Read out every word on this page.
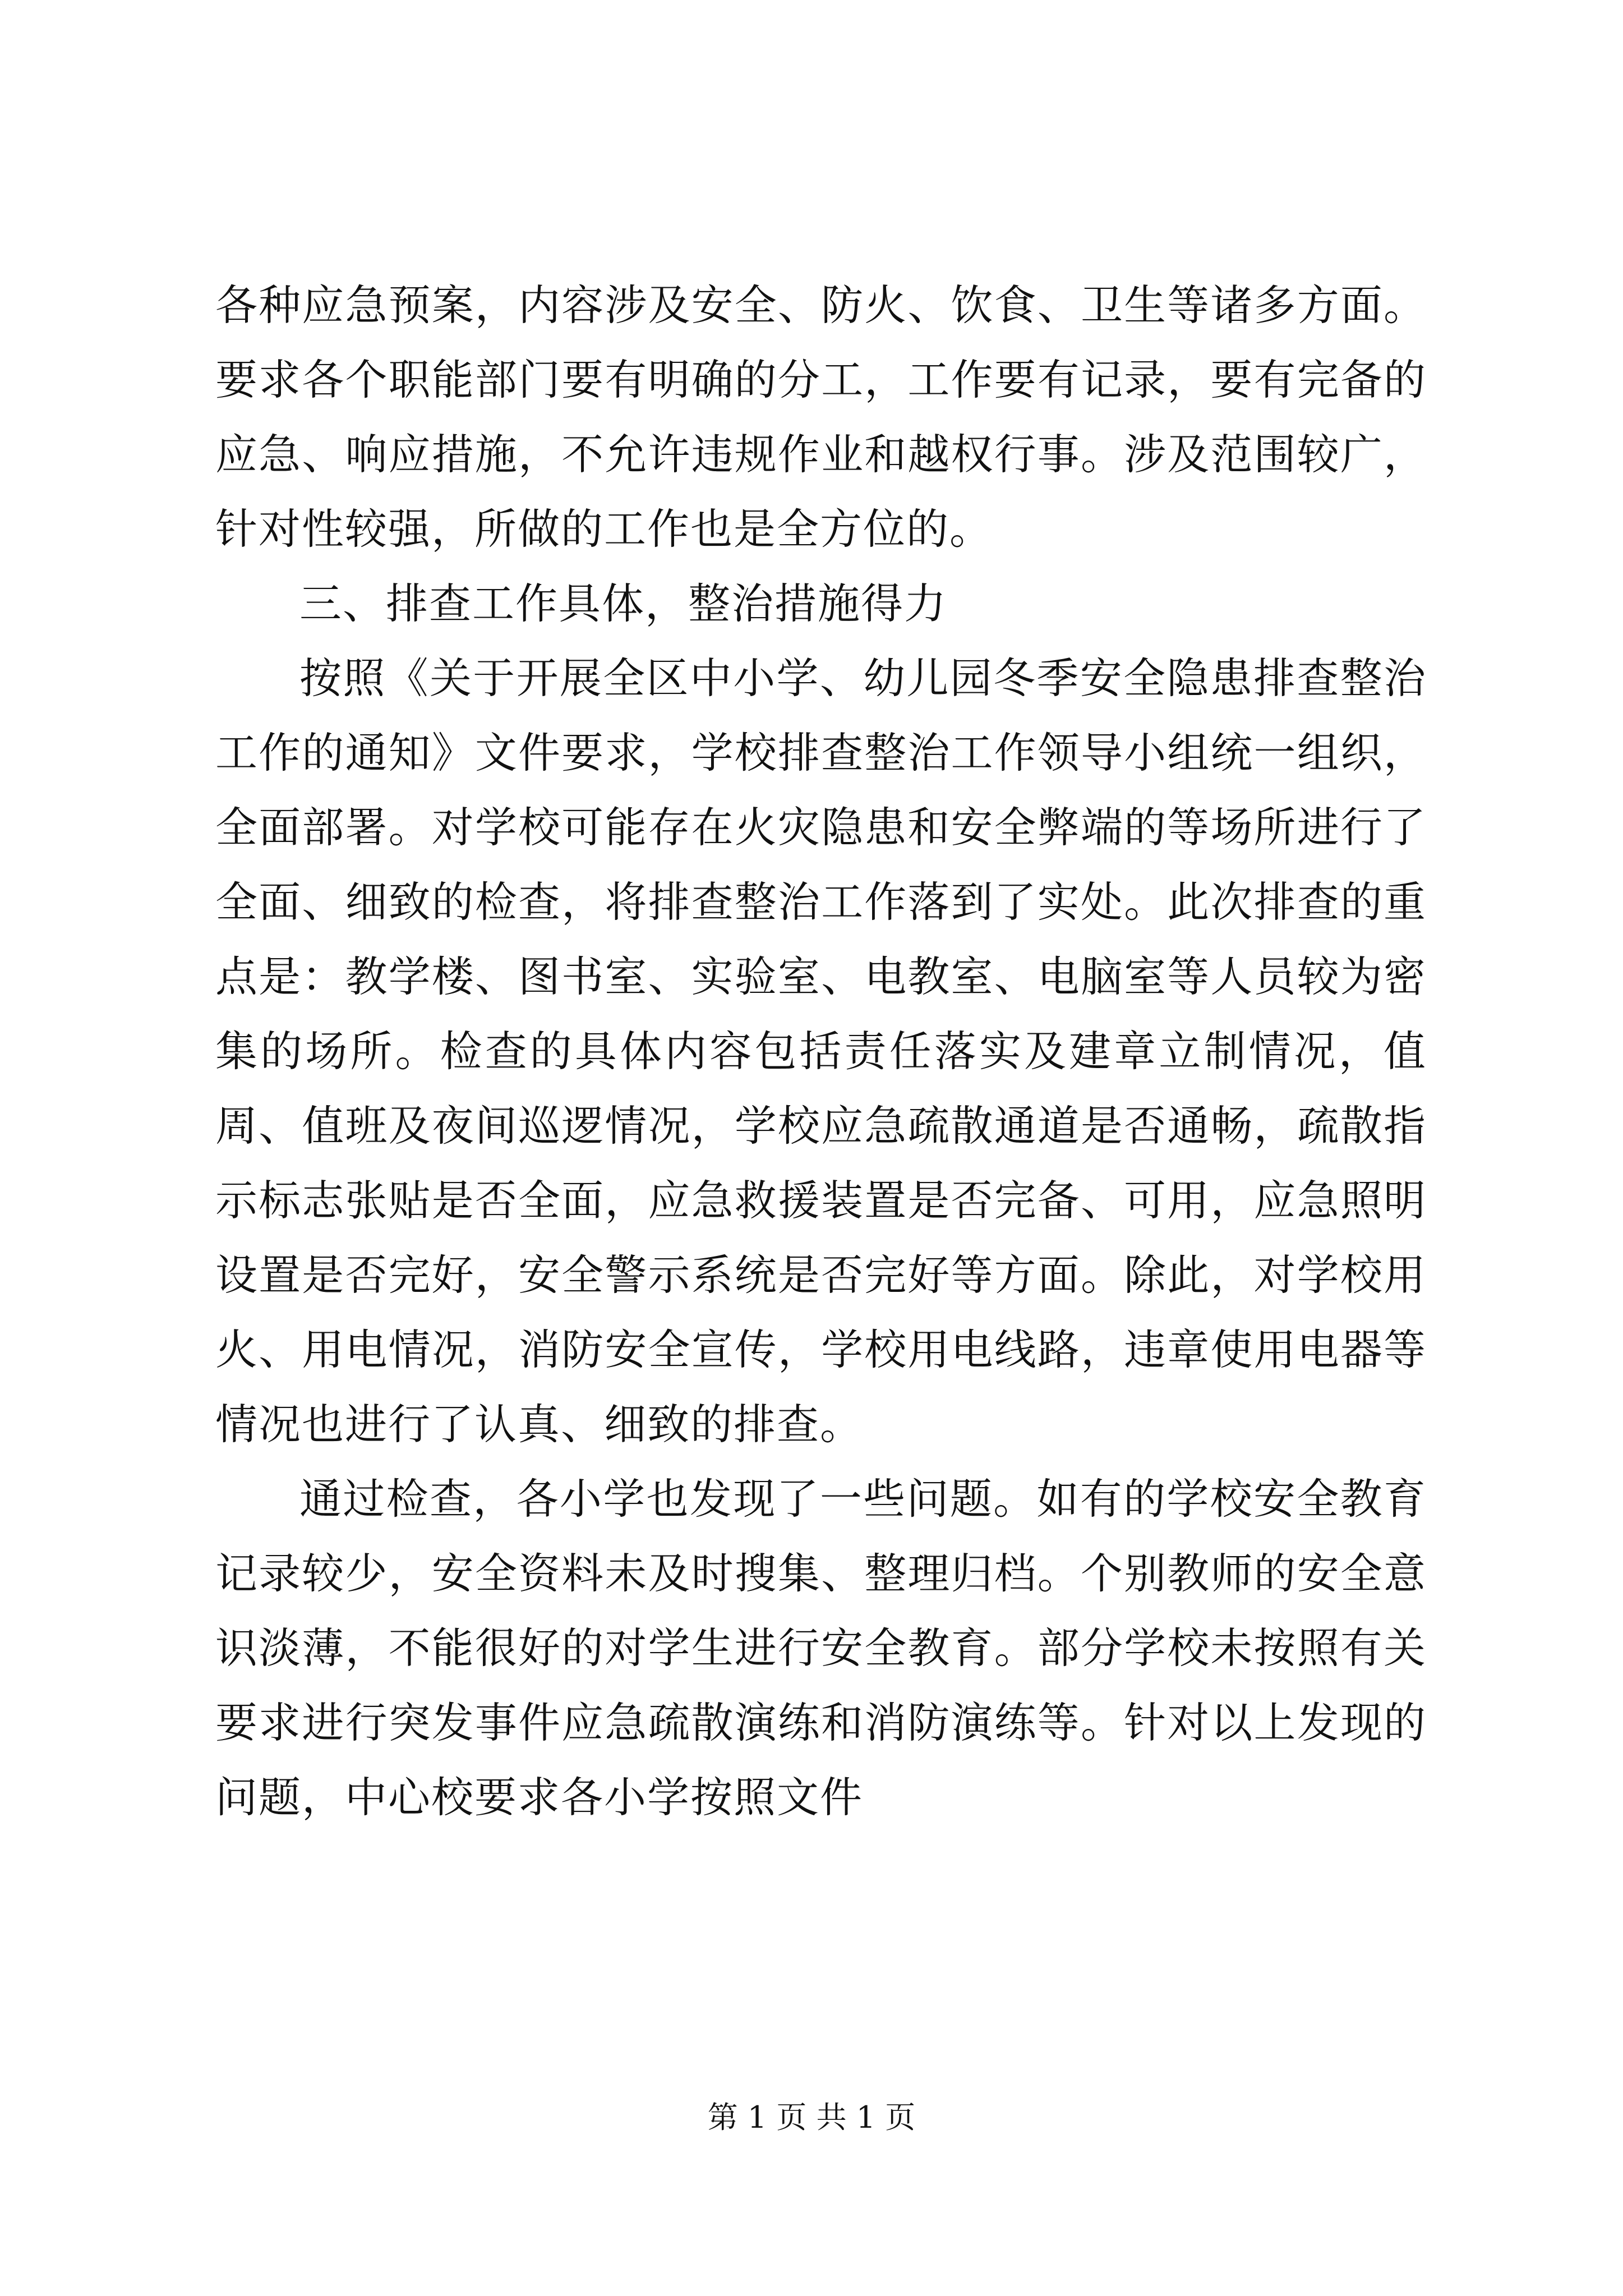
各种应急预案，内容涉及安全、防火、饮食、卫生等诸多方面。要求各个职能部门要有明确的分工，工作要有记录，要有完备的应急、响应措施，不允许违规作业和越权行事。涉及范围较广，针对性较强，所做的工作也是全方位的。

三、排查工作具体，整治措施得力

按照《关于开展全区中小学、幼儿园冬季安全隐患排查整治工作的通知》文件要求，学校排查整治工作领导小组统一组织，全面部署。对学校可能存在火灾隐患和安全弊端的等场所进行了全面、细致的检查，将排查整治工作落到了实处。此次排查的重点是：教学楼、图书室、实验室、电教室、电脑室等人员较为密集的场所。检查的具体内容包括责任落实及建章立制情况，值周、值班及夜间巡逻情况，学校应急疏散通道是否通畅，疏散指示标志张贴是否全面，应急救援装置是否完备、可用，应急照明设置是否完好，安全警示系统是否完好等方面。除此，对学校用火、用电情况，消防安全宣传，学校用电线路，违章使用电器等情况也进行了认真、细致的排查。

通过检查，各小学也发现了一些问题。如有的学校安全教育记录较少，安全资料未及时搜集、整理归档。个别教师的安全意识淡薄，不能很好的对学生进行安全教育。部分学校未按照有关要求进行突发事件应急疏散演练和消防演练等。针对以上发现的问题，中心校要求各小学按照文件

第 1 页 共 1 页
